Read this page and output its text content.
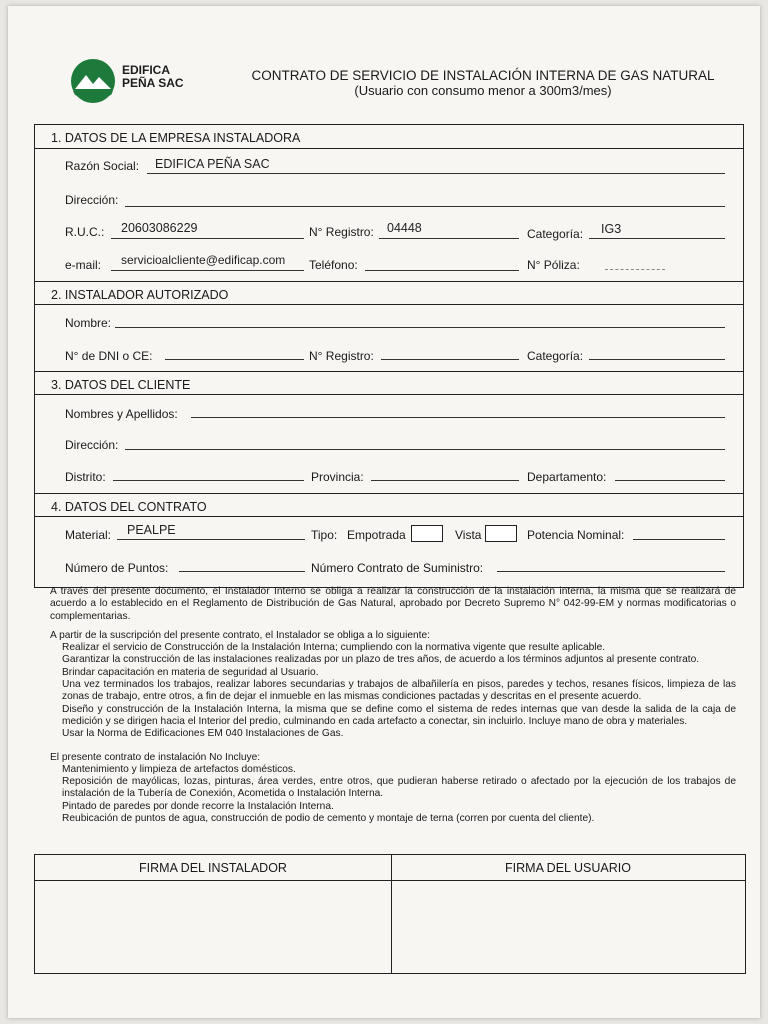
EDIFICA
PEÑA SAC	CONTRATO DE SERVICIO DE INSTALACIÓN INTERNA DE GAS NATURAL
(Usuario con consumo menor a 300m3/mes)
1. DATOS DE LA EMPRESA INSTALADORA
Razón Social: EDIFICA PEÑA SAC
Dirección:
R.U.C.: 20603086229	N° Registro: 04448	Categoría: IG3
e-mail: servicioalcliente@edificap.com Teléfono:	N° Póliza:
2. INSTALADOR AUTORIZADO
Nombre:
N° de DNI o CE:	N° Registro:	Categoría:
3. DATOS DEL CLIENTE
Nombres y Apellidos:
Dirección:
Distrito:	Provincia:	Departamento:
4. DATOS DEL CONTRATO
Material: PEALPE	Tipo: Empotrada	Vista	Potencia Nominal:
Número de Puntos:	Número Contrato de Suministro:

A través del presente documento, el Instalador Interno se obliga a realizar la construcción de la instalación interna, la misma que se realizará de acuerdo a lo establecido en el Reglamento de Distribución de Gas Natural, aprobado por Decreto Supremo N° 042-99-EM y normas modificatorias o complementarias.

A partir de la suscripción del presente contrato, el Instalador se obliga a lo siguiente:

Realizar el servicio de Construcción de la Instalación Interna; cumpliendo con la normativa vigente que resulte aplicable.

Garantizar la construcción de las instalaciones realizadas por un plazo de tres años, de acuerdo a los términos adjuntos al presente contrato.

Brindar capacitación en materia de seguridad al Usuario.

Una vez terminados los trabajos, realizar labores secundarias y trabajos de albañilería en pisos, paredes y techos, resanes físicos, limpieza de las zonas de trabajo, entre otros, a fin de dejar el inmueble en las mismas condiciones pactadas y descritas en el presente acuerdo.

Diseño y construcción de la Instalación Interna, la misma que se define como el sistema de redes internas que van desde la salida de la caja de medición y se dirigen hacia el Interior del predio, culminando en cada artefacto a conectar, sin incluirlo. Incluye mano de obra y materiales.

Usar la Norma de Edificaciones EM 040 Instalaciones de Gas.

El presente contrato de instalación No Incluye:

Mantenimiento y limpieza de artefactos domésticos.

Reposición de mayólicas, lozas, pinturas, área verdes, entre otros, que pudieran haberse retirado o afectado por la ejecución de los trabajos de instalación de la Tubería de Conexión, Acometida o Instalación Interna.

Pintado de paredes por donde recorre la Instalación Interna.

Reubicación de puntos de agua, construcción de podio de cemento y montaje de terna (corren por cuenta del cliente).

FIRMA DEL INSTALADOR	FIRMA DEL USUARIO
